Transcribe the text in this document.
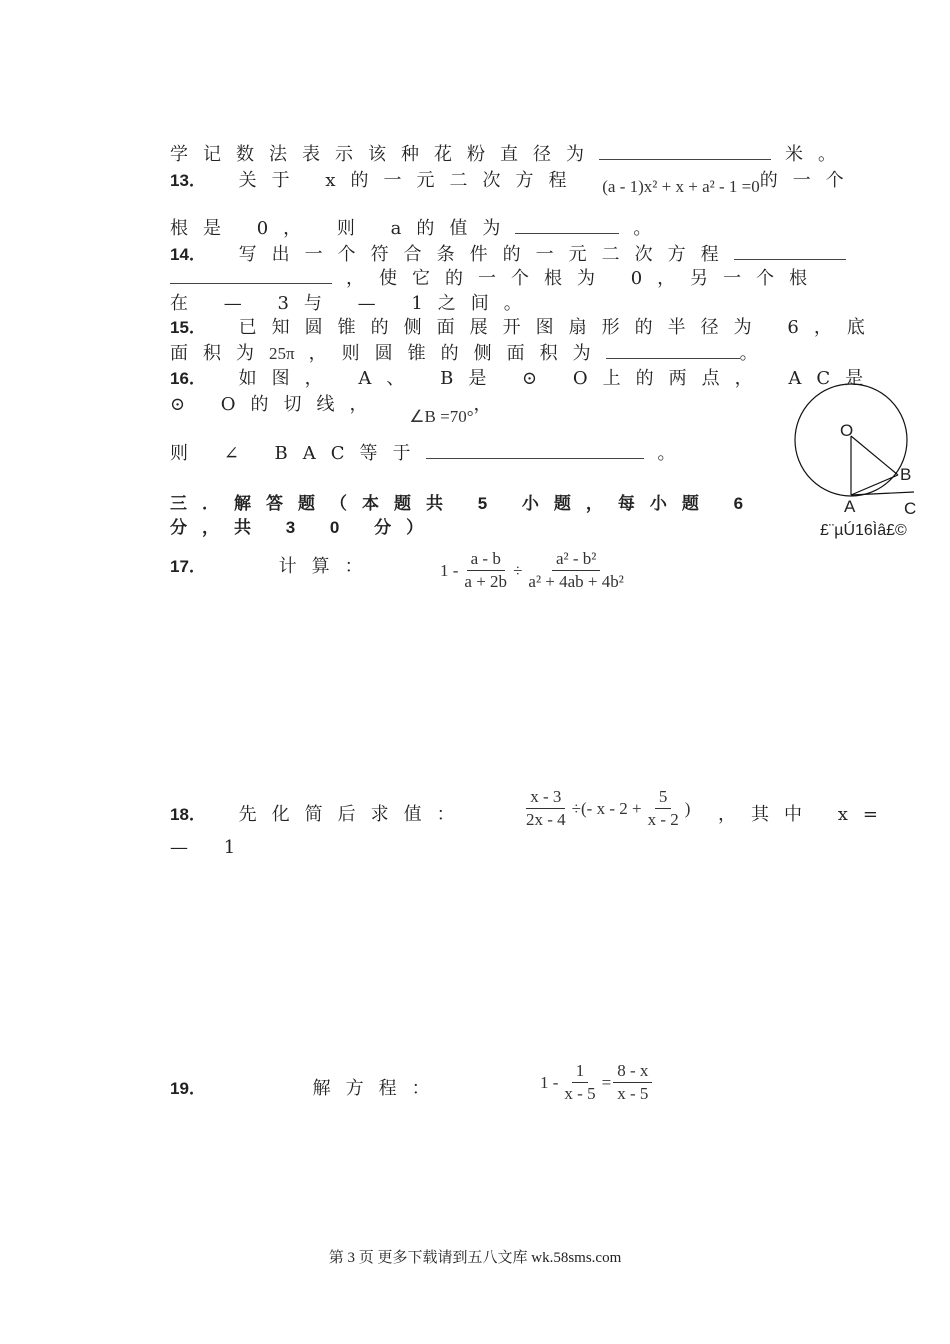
学记数法表示该种花粉直径为	米。
13． 关于 x的一元二次方程 (a - 1)x² + x + a² - 1 =0的一个
根是 0， 则 a的值为	。
14． 写出一个符合条件的一元二次方程
，使它的一个根为 0，另一个根
在 — 3与 — 1之间。
15． 已知圆锥的侧面展开图扇形的半径为 6，底
面积为25π ，则圆锥的侧面积为	。
16． 如图， A、 B是 ⊙ O上的两点， AC是
⊙ O的切线， ∠B =70°，
则 ∠ BAC等于	。
O
B
A	C
£¨µÚ16Ìâ£©
三．解答题（本题共 5 小题，每小题 6
分，共 3 0 分）
17．	计算：	$1 - \frac{a - b}{a + 2b} \div \frac{\text{a² - b²}}{\text{a² + 4ab + 4b²}}$
18． 先化简后求值：	$\frac{x - 3}{2x - 4}$ ÷(- $x - 2 + \frac{5}{x - 2}$ ) ，其中 x=
— 1
19．	解方程：	$1 - \frac{1}{x - 5} = \frac{8 - x}{x - 5}$
第 3 页 更多下载请到五八文库 wk.58sms.com
